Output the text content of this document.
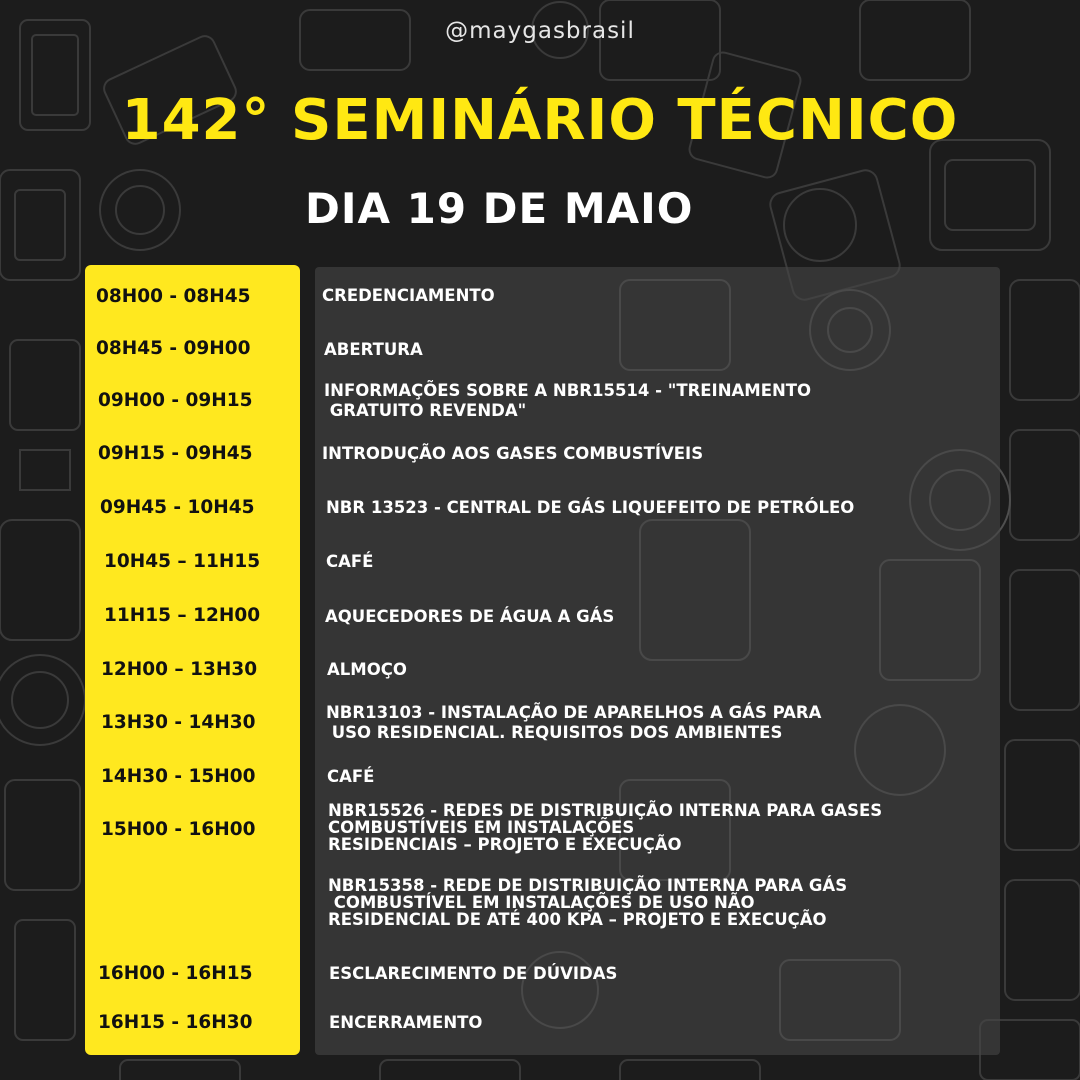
@maygasbrasil
142° SEMINÁRIO TÉCNICO
DIA 19 DE MAIO
08H00 - 08H45
08H45 - 09H00
09H00 - 09H15
09H15 - 09H45
09H45 - 10H45
10H45 – 11H15
11H15 – 12H00
12H00 – 13H30
13H30 - 14H30
14H30 - 15H00
15H00 - 16H00
16H00 - 16H15
16H15 - 16H30
CREDENCIAMENTO
ABERTURA
INFORMAÇÕES SOBRE A NBR15514 - "TREINAMENTO
GRATUITO REVENDA"
INTRODUÇÃO AOS GASES COMBUSTÍVEIS
NBR 13523 - CENTRAL DE GÁS LIQUEFEITO DE PETRÓLEO
CAFÉ
AQUECEDORES DE ÁGUA A GÁS
ALMOÇO
NBR13103 - INSTALAÇÃO DE APARELHOS A GÁS PARA
USO RESIDENCIAL. REQUISITOS DOS AMBIENTES
CAFÉ
NBR15526 - REDES DE DISTRIBUIÇÃO INTERNA PARA GASES
COMBUSTÍVEIS EM INSTALAÇÕES
RESIDENCIAIS – PROJETO E EXECUÇÃO
NBR15358 - REDE DE DISTRIBUIÇÃO INTERNA PARA GÁS
COMBUSTÍVEL EM INSTALAÇÕES DE USO NÃO
RESIDENCIAL DE ATÉ 400 KPA – PROJETO E EXECUÇÃO
ESCLARECIMENTO DE DÚVIDAS
ENCERRAMENTO
